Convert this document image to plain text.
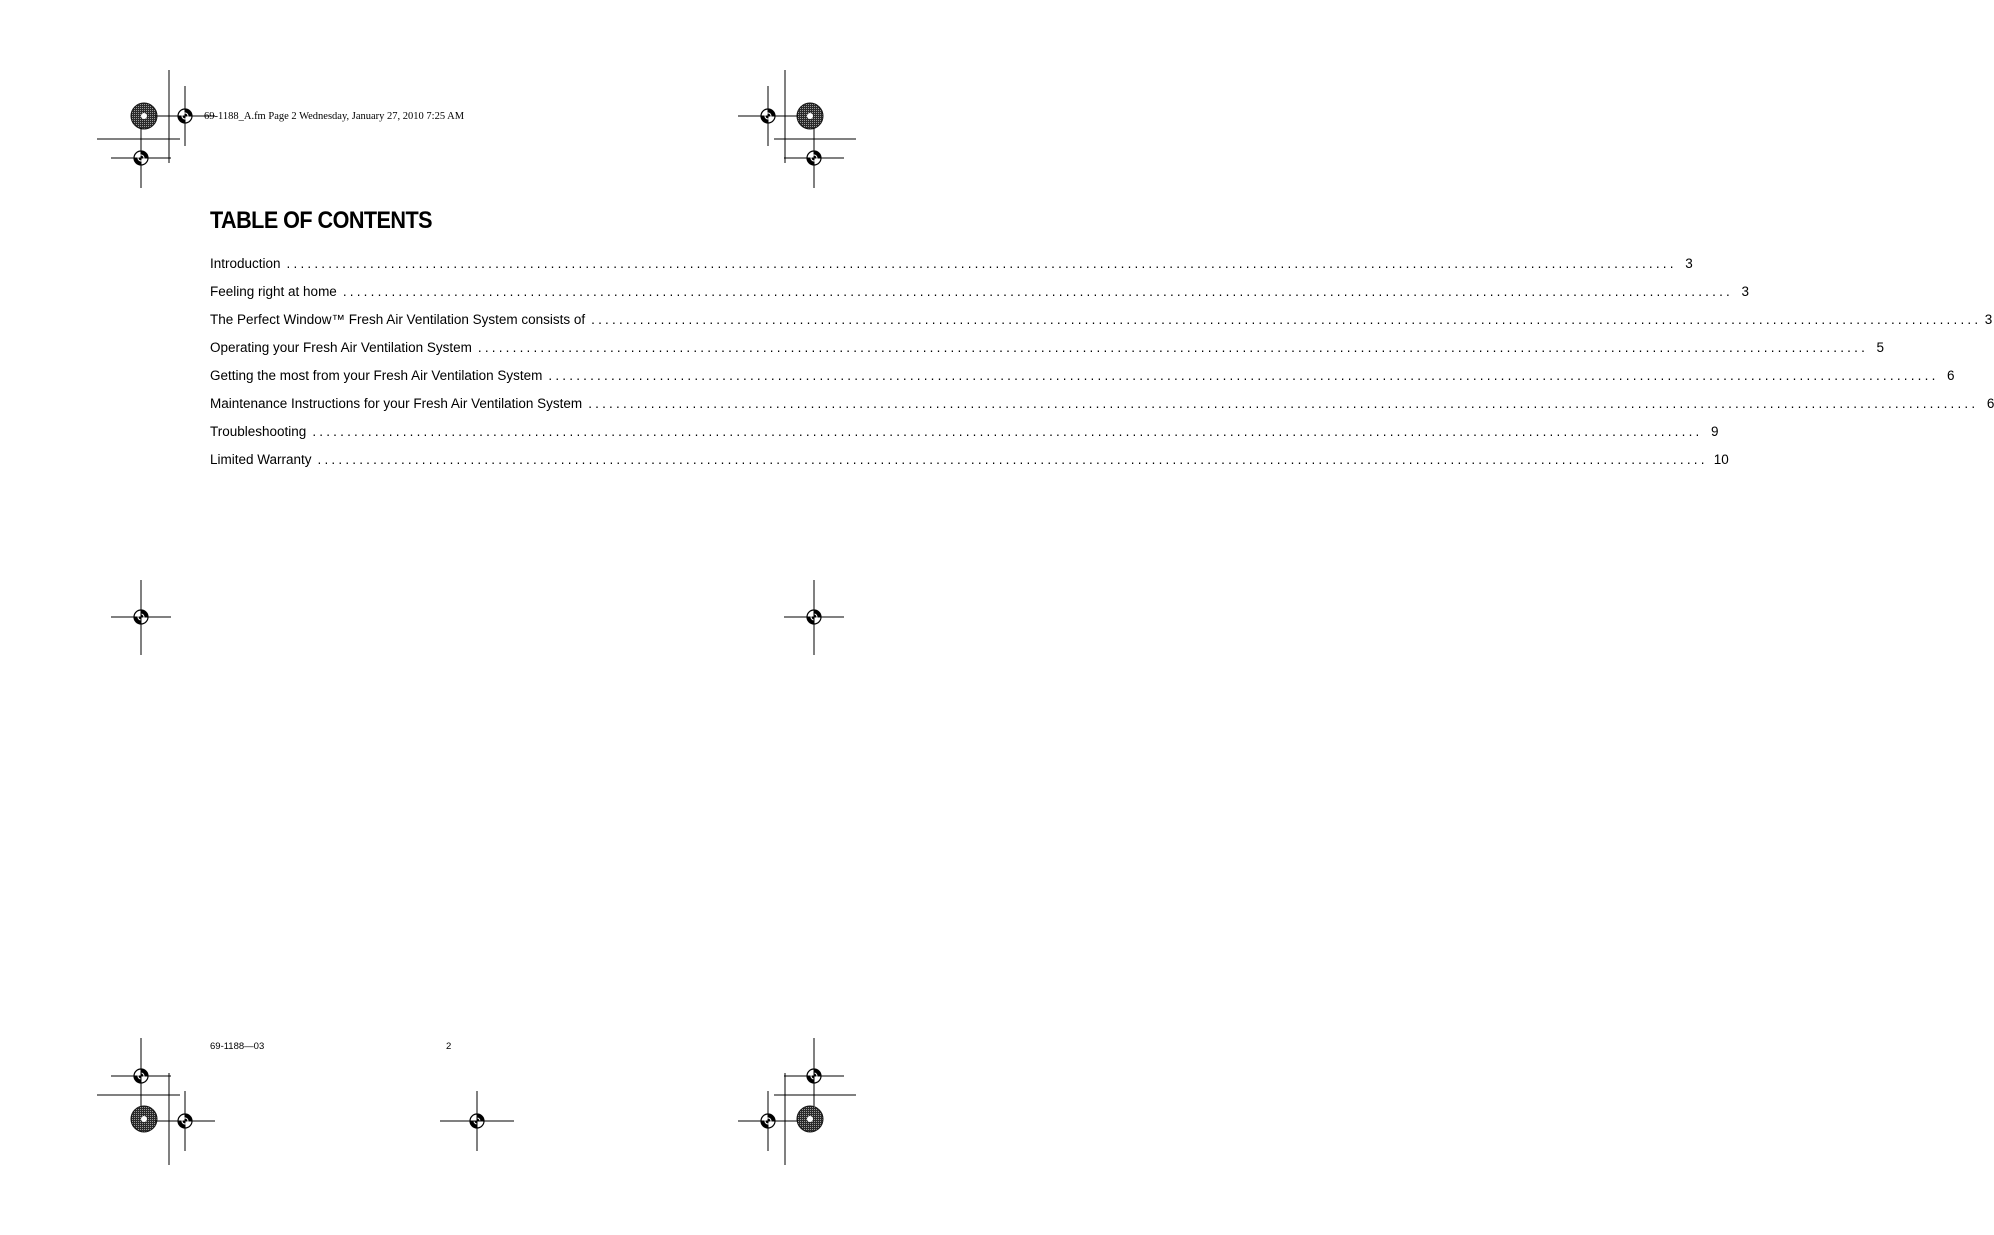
69-1188_A.fm Page 2 Wednesday, January 27, 2010 7:25 AM
TABLE OF CONTENTS
Introduction ........................................................................................................................................................................................................ 3
Feeling right at home ........................................................................................................................................................................................................ 3
The Perfect Window™ Fresh Air Ventilation System consists of ........................................................................................................................................................................................................ 3
Operating your Fresh Air Ventilation System ........................................................................................................................................................................................................ 5
Getting the most from your Fresh Air Ventilation System ........................................................................................................................................................................................................ 6
Maintenance Instructions for your Fresh Air Ventilation System ........................................................................................................................................................................................................ 6
Troubleshooting ........................................................................................................................................................................................................ 9
Limited Warranty ........................................................................................................................................................................................................ 10
69-1188—03	2
